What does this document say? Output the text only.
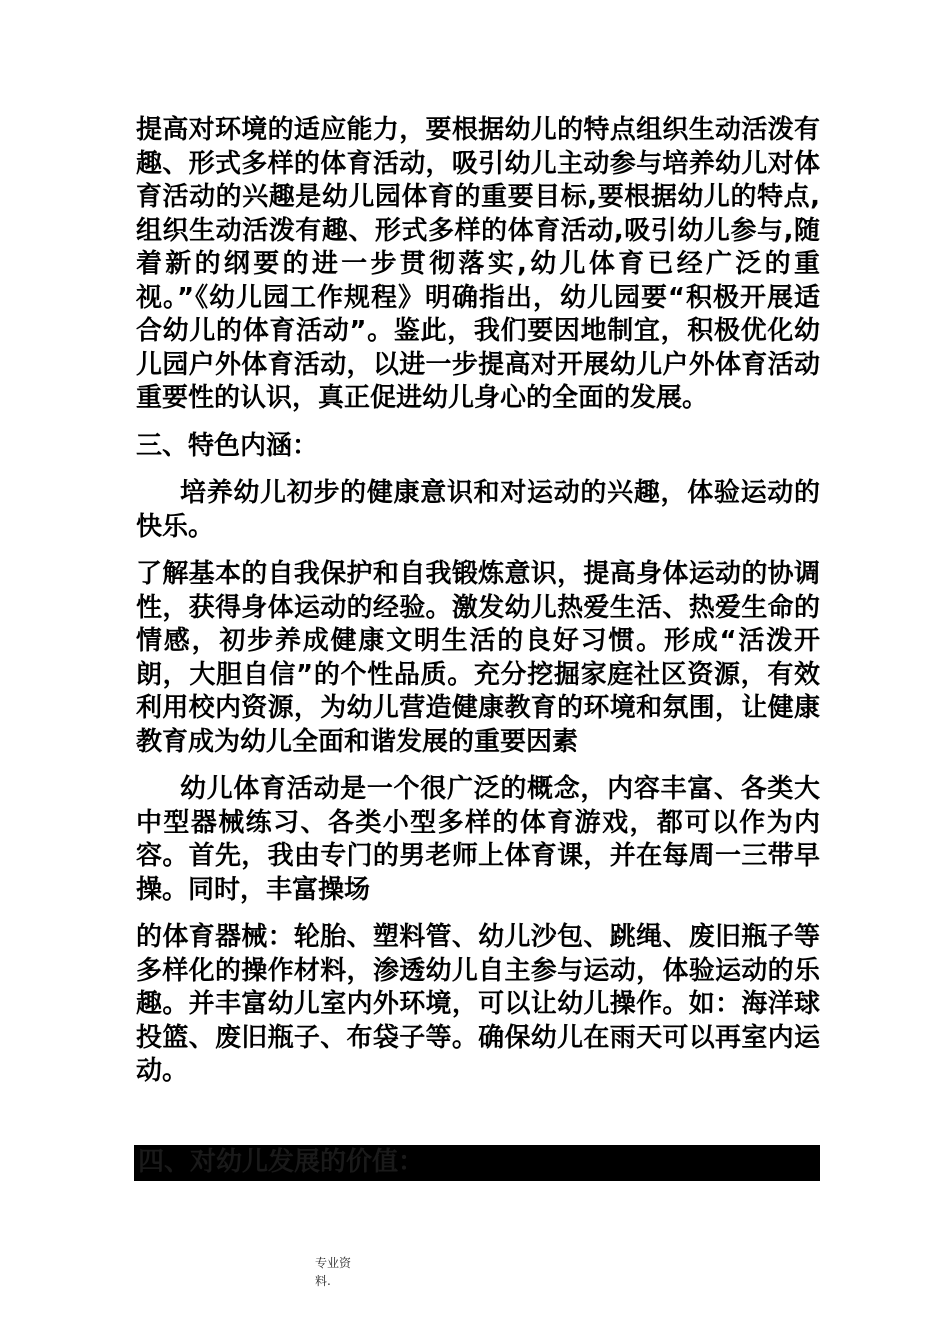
提高对环境的适应能力，要根据幼儿的特点组织生动活泼有趣、形式多样的体育活动，吸引幼儿主动参与培养幼儿对体育活动的兴趣是幼儿园体育的重要目标,要根据幼儿的特点,组织生动活泼有趣、形式多样的体育活动,吸引幼儿参与,随着新的纲要的进一步贯彻落实,幼儿体育已经广泛的重视。”《幼儿园工作规程》明确指出，幼儿园要“积极开展适合幼儿的体育活动”。鉴此，我们要因地制宜，积极优化幼儿园户外体育活动，以进一步提高对开展幼儿户外体育活动重要性的认识，真正促进幼儿身心的全面的发展。

三、特色内涵：

培养幼儿初步的健康意识和对运动的兴趣，体验运动的快乐。

了解基本的自我保护和自我锻炼意识，提高身体运动的协调性，获得身体运动的经验。激发幼儿热爱生活、热爱生命的情感，初步养成健康文明生活的良好习惯。形成“活泼开朗，大胆自信”的个性品质。充分挖掘家庭社区资源，有效利用校内资源，为幼儿营造健康教育的环境和氛围，让健康教育成为幼儿全面和谐发展的重要因素

幼儿体育活动是一个很广泛的概念，内容丰富、各类大中型器械练习、各类小型多样的体育游戏，都可以作为内容。首先，我由专门的男老师上体育课，并在每周一三带早操。同时，丰富操场

的体育器械：轮胎、塑料管、幼儿沙包、跳绳、废旧瓶子等多样化的操作材料，渗透幼儿自主参与运动，体验运动的乐趣。并丰富幼儿室内外环境，可以让幼儿操作。如：海洋球投篮、废旧瓶子、布袋子等。确保幼儿在雨天可以再室内运动。

四、对幼儿发展的价值：
专业资
料.
